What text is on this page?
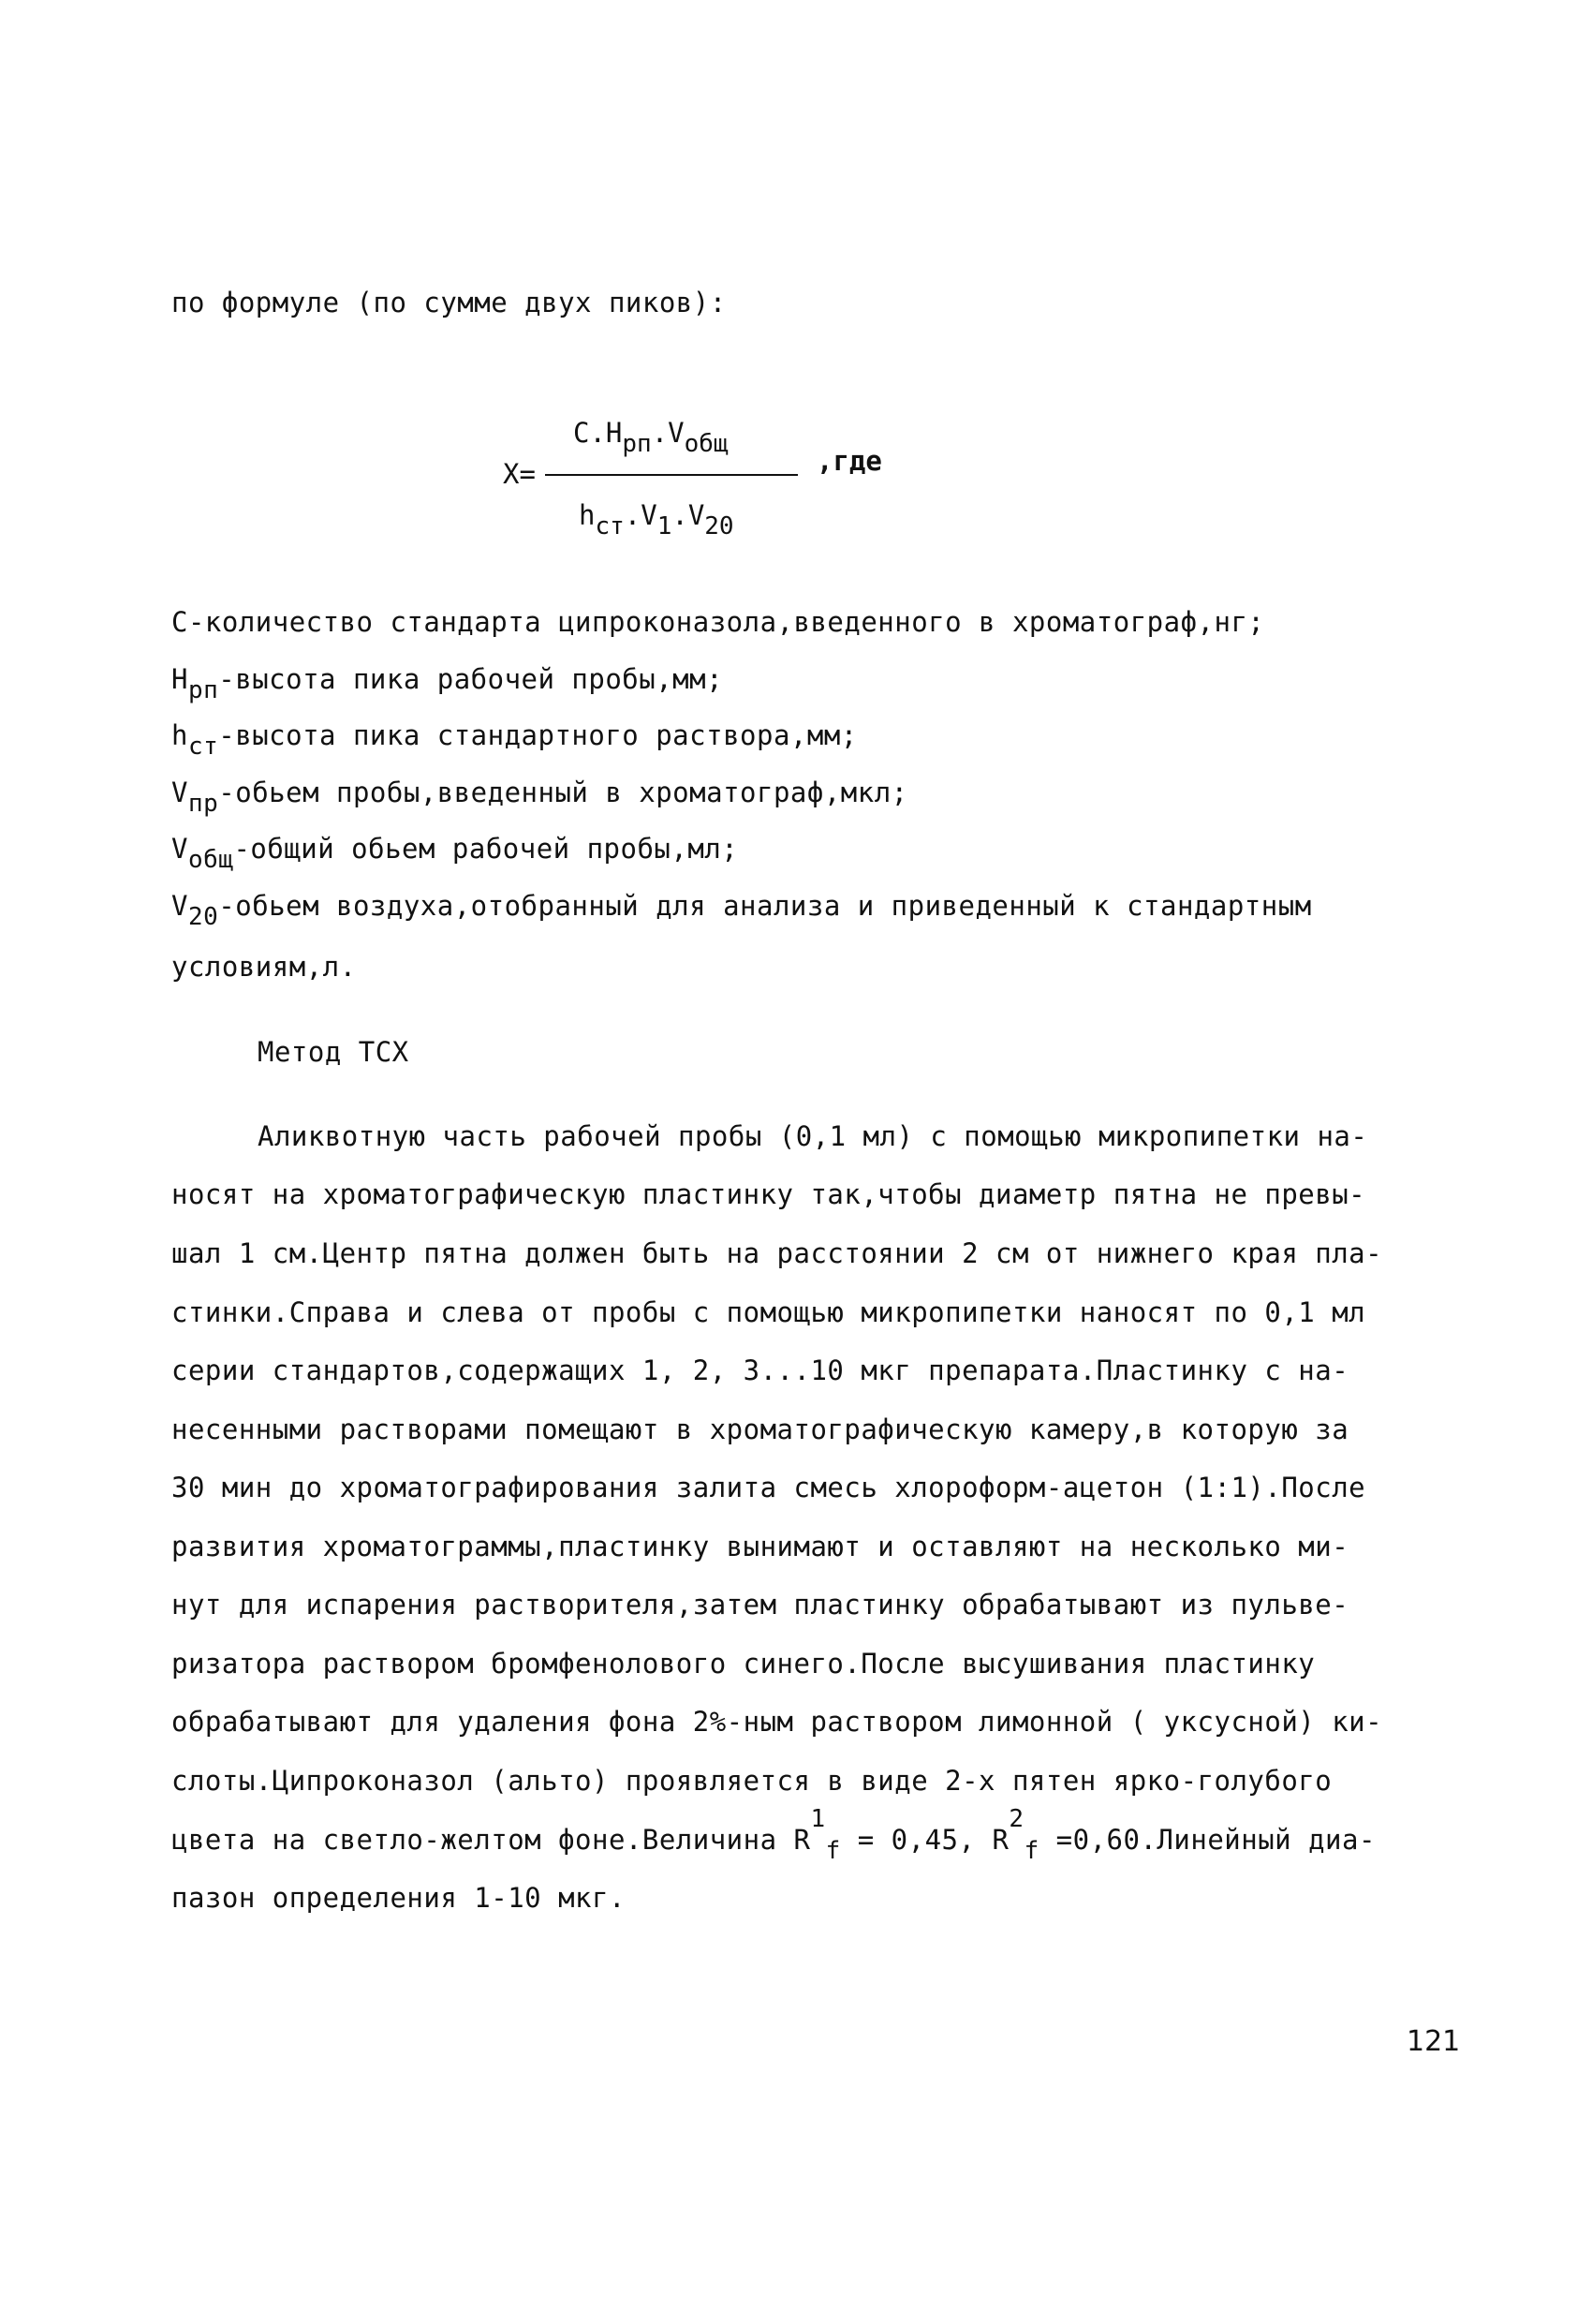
по формуле (по сумме двух пиков):
X=
C.Hрп.Vобщ
hст.V1.V20
,где
C-количество стандарта ципроконазола,введенного в хроматограф,нг;
Hрп-высота пика рабочей пробы,мм;
hст-высота пика стандартного раствора,мм;
Vпр-обьем пробы,введенный в хроматограф,мкл;
Vобщ-общий обьем рабочей пробы,мл;
V20-обьем воздуха,отобранный для анализа и приведенный к стандартным
условиям,л.
Метод ТСХ
Аликвотную часть рабочей пробы (0,1 мл) с помощью микропипетки на-
носят на хроматографическую пластинку так,чтобы диаметр пятна не превы-
шал 1 см.Центр пятна должен быть на расстоянии 2 см от нижнего края пла-
стинки.Справа и слева от пробы с помощью микропипетки наносят по 0,1 мл
серии стандартов,содержащих 1, 2, 3...10 мкг препарата.Пластинку с на-
несенными растворами помещают в хроматографическую камеру,в которую за
30 мин до хроматографирования залита смесь хлороформ-ацетон (1:1).После
развития хроматограммы,пластинку вынимают и оставляют на несколько ми-
нут для испарения растворителя,затем пластинку обрабатывают из пульве-
ризатора раствором бромфенолового синего.После высушивания пластинку
обрабатывают для удаления фона 2%-ным раствором лимонной ( уксусной) ки-
слоты.Ципроконазол (альто) проявляется в виде 2-х пятен ярко-голубого
цвета на светло-желтом фоне.Величина R1f = 0,45, R2f =0,60.Линейный диа-
пазон определения 1-10 мкг.
121
